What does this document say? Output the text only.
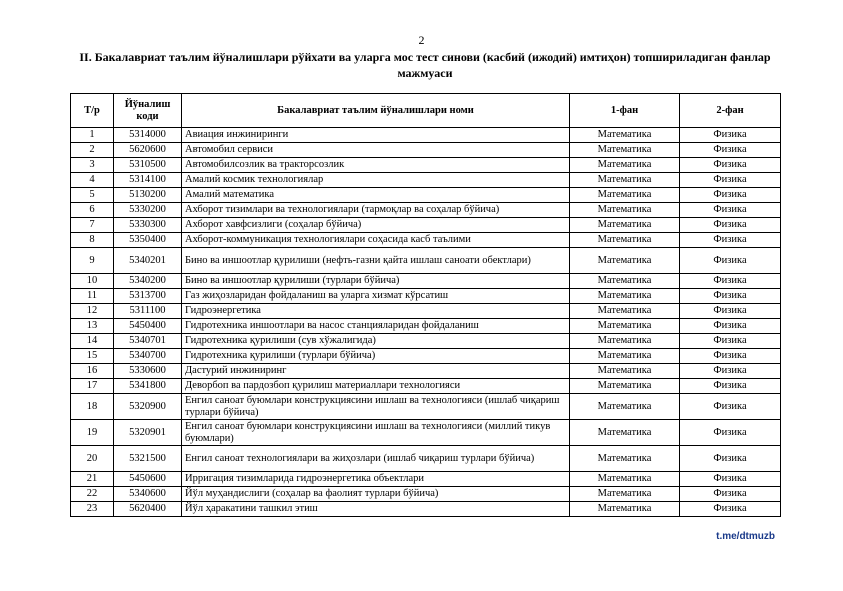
2
II. Бакалавриат таълим йўналишлари рўйхати ва уларга мос тест синови (касбий (ижодий) имтиҳон) топшириладиган фанлар мажмуаси
Т/р	Йўналиш коди	Бакалавриат таълим йўналишлари номи	1-фан	2-фан
1	5314000	Авиация инжиниринги	Математика	Физика
2	5620600	Автомобил сервиси	Математика	Физика
3	5310500	Автомобилсозлик ва тракторсозлик	Математика	Физика
4	5314100	Амалий космик технологиялар	Математика	Физика
5	5130200	Амалий математика	Математика	Физика
6	5330200	Ахборот тизимлари ва технологиялари (тармоқлар ва соҳалар бўйича)	Математика	Физика
7	5330300	Ахборот хавфсизлиги (соҳалар бўйича)	Математика	Физика
8	5350400	Ахборот-коммуникация технологиялари соҳасида касб таълими	Математика	Физика
9	5340201	Бино ва иншоотлар қурилиши (нефть-газни қайта ишлаш саноати обектлари)	Математика	Физика
10	5340200	Бино ва иншоотлар қурилиши (турлари бўйича)	Математика	Физика
11	5313700	Газ жиҳозларидан фойдаланиш ва уларга хизмат кўрсатиш	Математика	Физика
12	5311100	Гидроэнергетика	Математика	Физика
13	5450400	Гидротехника иншоотлари ва насос станцияларидан фойдаланиш	Математика	Физика
14	5340701	Гидротехника қурилиши (сув хўжалигида)	Математика	Физика
15	5340700	Гидротехника қурилиши (турлари бўйича)	Математика	Физика
16	5330600	Дастурий инжиниринг	Математика	Физика
17	5341800	Деворбоп ва пардозбоп қурилиш материаллари технологияси	Математика	Физика
18	5320900	Енгил саноат буюмлари конструкциясини ишлаш ва технологияси (ишлаб чиқариш турлари бўйича)	Математика	Физика
19	5320901	Енгил саноат буюмлари конструкциясини ишлаш ва технологияси (миллий тикув буюмлари)	Математика	Физика
20	5321500	Енгил саноат технологиялари ва жиҳозлари (ишлаб чиқариш турлари бўйича)	Математика	Физика
21	5450600	Ирригация тизимларида гидроэнергетика объектлари	Математика	Физика
22	5340600	Йўл муҳандислиги (соҳалар ва фаолият турлари бўйича)	Математика	Физика
23	5620400	Йўл ҳаракатини ташкил этиш	Математика	Физика
t.me/dtmuzb
